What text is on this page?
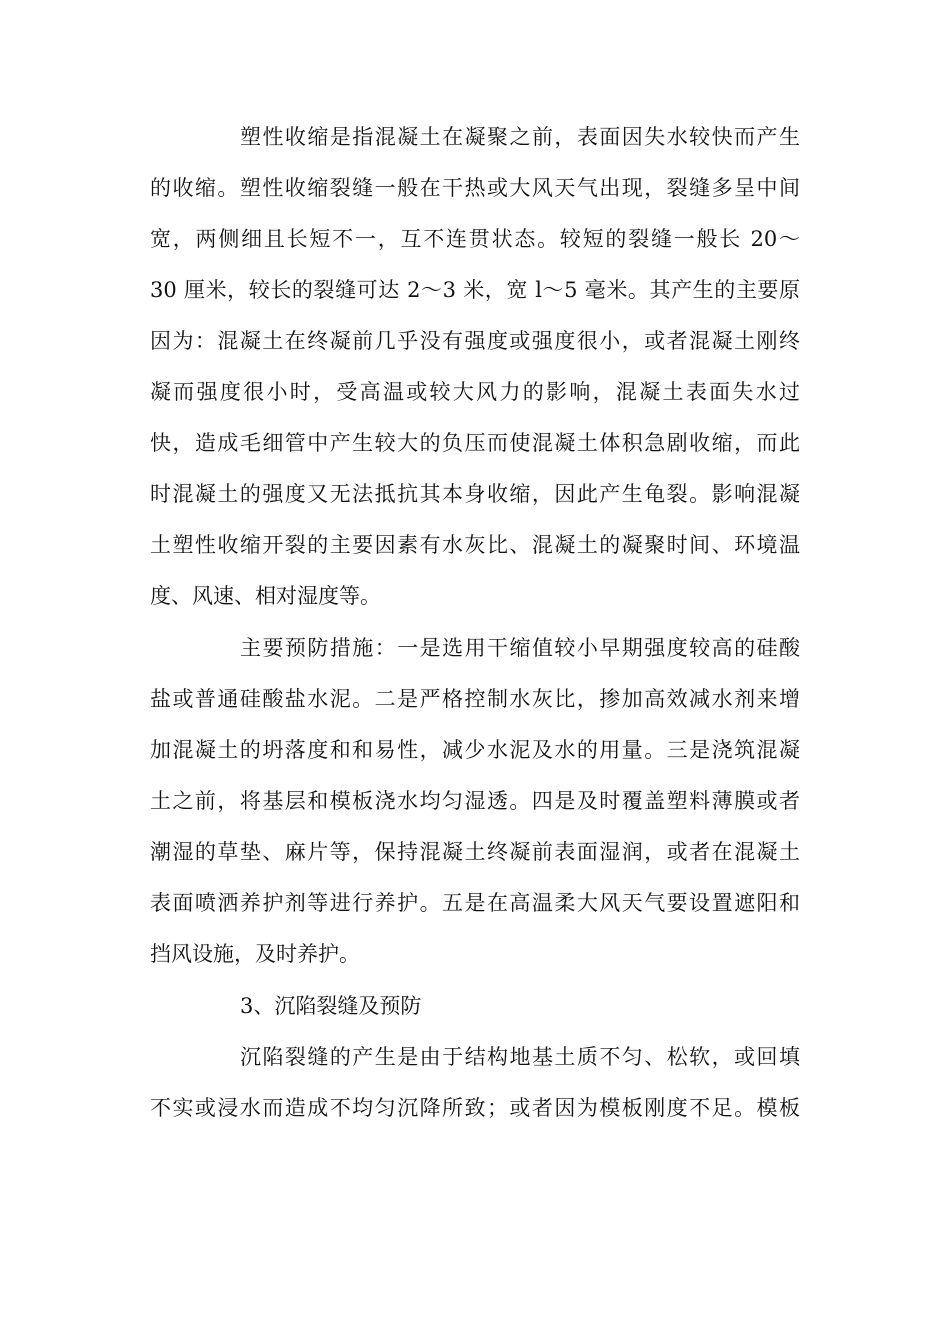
塑性收缩是指混凝土在凝聚之前，表面因失水较快而产生
的收缩。塑性收缩裂缝一般在干热或大风天气出现，裂缝多呈中间
宽，两侧细且长短不一，互不连贯状态。较短的裂缝一般长 20～
30 厘米，较长的裂缝可达 2～3 米，宽 l～5 毫米。其产生的主要原
因为：混凝土在终凝前几乎没有强度或强度很小，或者混凝土刚终
凝而强度很小时，受高温或较大风力的影响，混凝土表面失水过
快，造成毛细管中产生较大的负压而使混凝土体积急剧收缩，而此
时混凝土的强度又无法抵抗其本身收缩，因此产生龟裂。影响混凝
土塑性收缩开裂的主要因素有水灰比、混凝土的凝聚时间、环境温
度、风速、相对湿度等。
主要预防措施：一是选用干缩值较小早期强度较高的硅酸
盐或普通硅酸盐水泥。二是严格控制水灰比，掺加高效减水剂来增
加混凝土的坍落度和和易性，减少水泥及水的用量。三是浇筑混凝
土之前，将基层和模板浇水均匀湿透。四是及时覆盖塑料薄膜或者
潮湿的草垫、麻片等，保持混凝土终凝前表面湿润，或者在混凝土
表面喷洒养护剂等进行养护。五是在高温柔大风天气要设置遮阳和
挡风设施，及时养护。
3、沉陷裂缝及预防
沉陷裂缝的产生是由于结构地基土质不匀、松软，或回填
不实或浸水而造成不均匀沉降所致；或者因为模板刚度不足。模板
